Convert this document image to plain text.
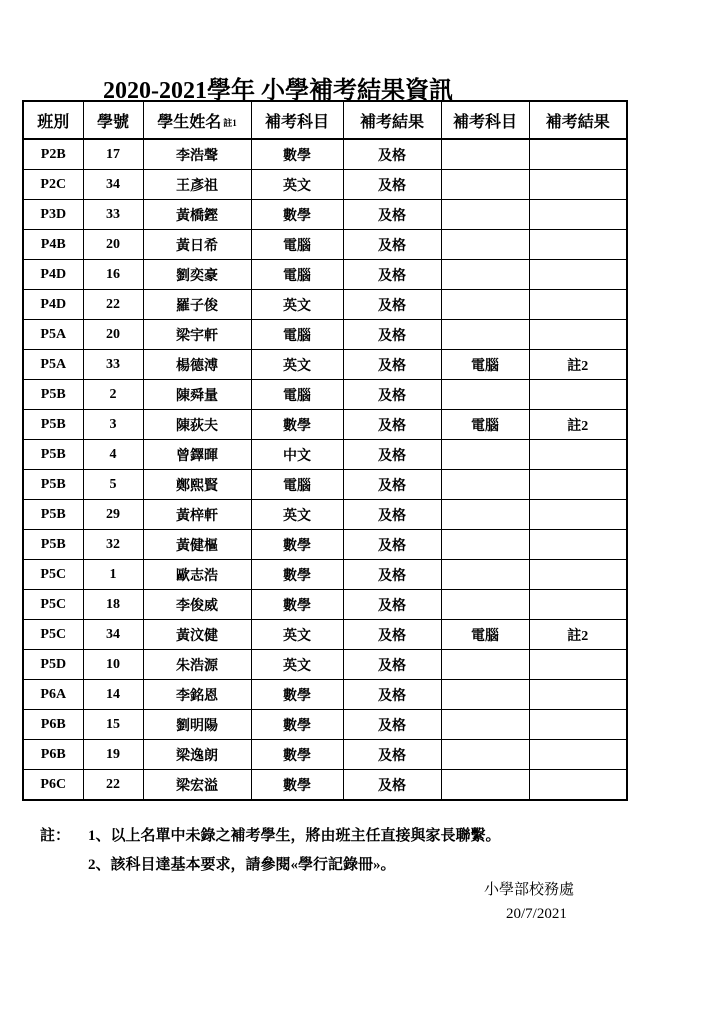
2020-2021學年 小學補考結果資訊
班別	學號	學生姓名 註1	補考科目	補考結果	補考科目	補考結果
P2B	17	李浩聲	數學	及格		
P2C	34	王彥祖	英文	及格		
P3D	33	黃橋鏗	數學	及格		
P4B	20	黃日希	電腦	及格		
P4D	16	劉奕豪	電腦	及格		
P4D	22	羅子俊	英文	及格		
P5A	20	梁宇軒	電腦	及格		
P5A	33	楊德溥	英文	及格	電腦	註2
P5B	2	陳舜量	電腦	及格		
P5B	3	陳荻夫	數學	及格	電腦	註2
P5B	4	曾鐸暉	中文	及格		
P5B	5	鄭熙賢	電腦	及格		
P5B	29	黃梓軒	英文	及格		
P5B	32	黃健樞	數學	及格		
P5C	1	歐志浩	數學	及格		
P5C	18	李俊威	數學	及格		
P5C	34	黃汶健	英文	及格	電腦	註2
P5D	10	朱浩源	英文	及格		
P6A	14	李銘恩	數學	及格		
P6B	15	劉明陽	數學	及格		
P6B	19	梁逸朗	數學	及格		
P6C	22	梁宏溢	數學	及格		
註： 1、以上名單中未錄之補考學生，將由班主任直接與家長聯繫。
2、該科目達基本要求，請參閱«學行記錄冊»。
小學部校務處
20/7/2021
